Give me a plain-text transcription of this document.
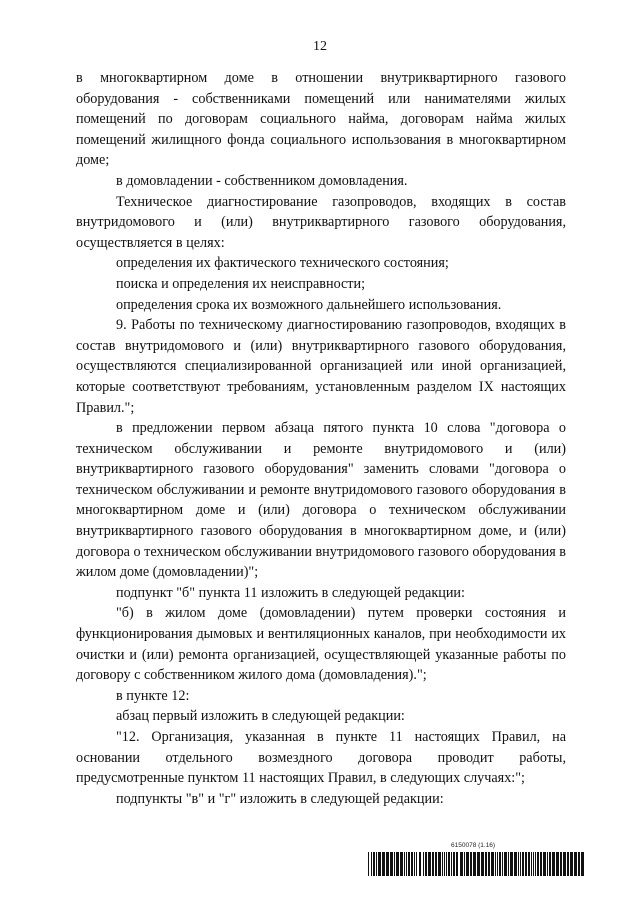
12

в многоквартирном доме в отношении внутриквартирного газового оборудования - собственниками помещений или нанимателями жилых помещений по договорам социального найма, договорам найма жилых помещений жилищного фонда социального использования в многоквартирном доме;

в домовладении - собственником домовладения.

Техническое диагностирование газопроводов, входящих в состав внутридомового и (или) внутриквартирного газового оборудования, осуществляется в целях:

определения их фактического технического состояния;

поиска и определения их неисправности;

определения срока их возможного дальнейшего использования.

9. Работы по техническому диагностированию газопроводов, входящих в состав внутридомового и (или) внутриквартирного газового оборудования, осуществляются специализированной организацией или иной организацией, которые соответствуют требованиям, установленным разделом IX настоящих Правил.";

в предложении первом абзаца пятого пункта 10 слова "договора о техническом обслуживании и ремонте внутридомового и (или) внутриквартирного газового оборудования" заменить словами "договора о техническом обслуживании и ремонте внутридомового газового оборудования в многоквартирном доме и (или) договора о техническом обслуживании внутриквартирного газового оборудования в многоквартирном доме, и (или) договора о техническом обслуживании внутридомового газового оборудования в жилом доме (домовладении)";

подпункт "б" пункта 11 изложить в следующей редакции:

"б) в жилом доме (домовладении) путем проверки состояния и функционирования дымовых и вентиляционных каналов, при необходимости их очистки и (или) ремонта организацией, осуществляющей указанные работы по договору с собственником жилого дома (домовладения).";

в пункте 12:

абзац первый изложить в следующей редакции:

"12. Организация, указанная в пункте 11 настоящих Правил, на основании отдельного возмездного договора проводит работы, предусмотренные пунктом 11 настоящих Правил, в следующих случаях:";

подпункты "в" и "г" изложить в следующей редакции:

6150078 (1.16)
